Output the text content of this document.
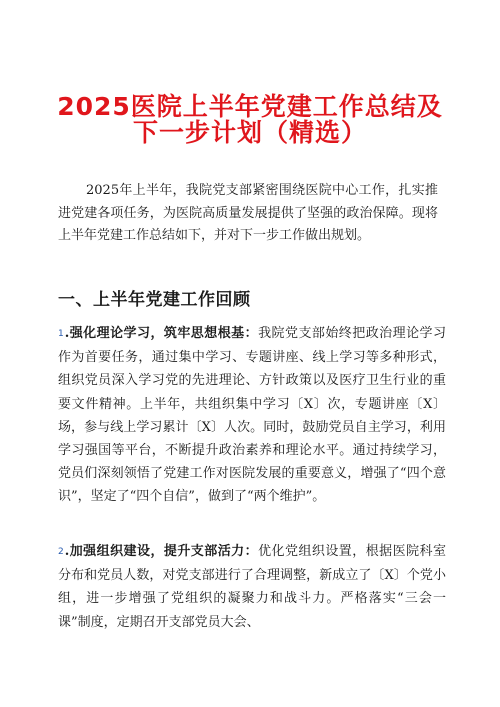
2025医院上半年党建工作总结及
下一步计划（精选）

2025年上半年，我院党支部紧密围绕医院中心工作，扎实推进党建各项任务，为医院高质量发展提供了坚强的政治保障。现将上半年党建工作总结如下，并对下一步工作做出规划。

一、上半年党建工作回顾

1.强化理论学习，筑牢思想根基：我院党支部始终把政治理论学习作为首要任务，通过集中学习、专题讲座、线上学习等多种形式，组织党员深入学习党的先进理论、方针政策以及医疗卫生行业的重要文件精神。上半年，共组织集中学习〔X〕次，专题讲座〔X〕场，参与线上学习累计〔X〕人次。同时，鼓励党员自主学习，利用学习强国等平台，不断提升政治素养和理论水平。通过持续学习，党员们深刻领悟了党建工作对医院发展的重要意义，增强了“四个意识”，坚定了“四个自信”，做到了“两个维护”。

2.加强组织建设，提升支部活力：优化党组织设置，根据医院科室分布和党员人数，对党支部进行了合理调整，新成立了〔X〕个党小组，进一步增强了党组织的凝聚力和战斗力。严格落实“三会一课”制度，定期召开支部党员大会、
